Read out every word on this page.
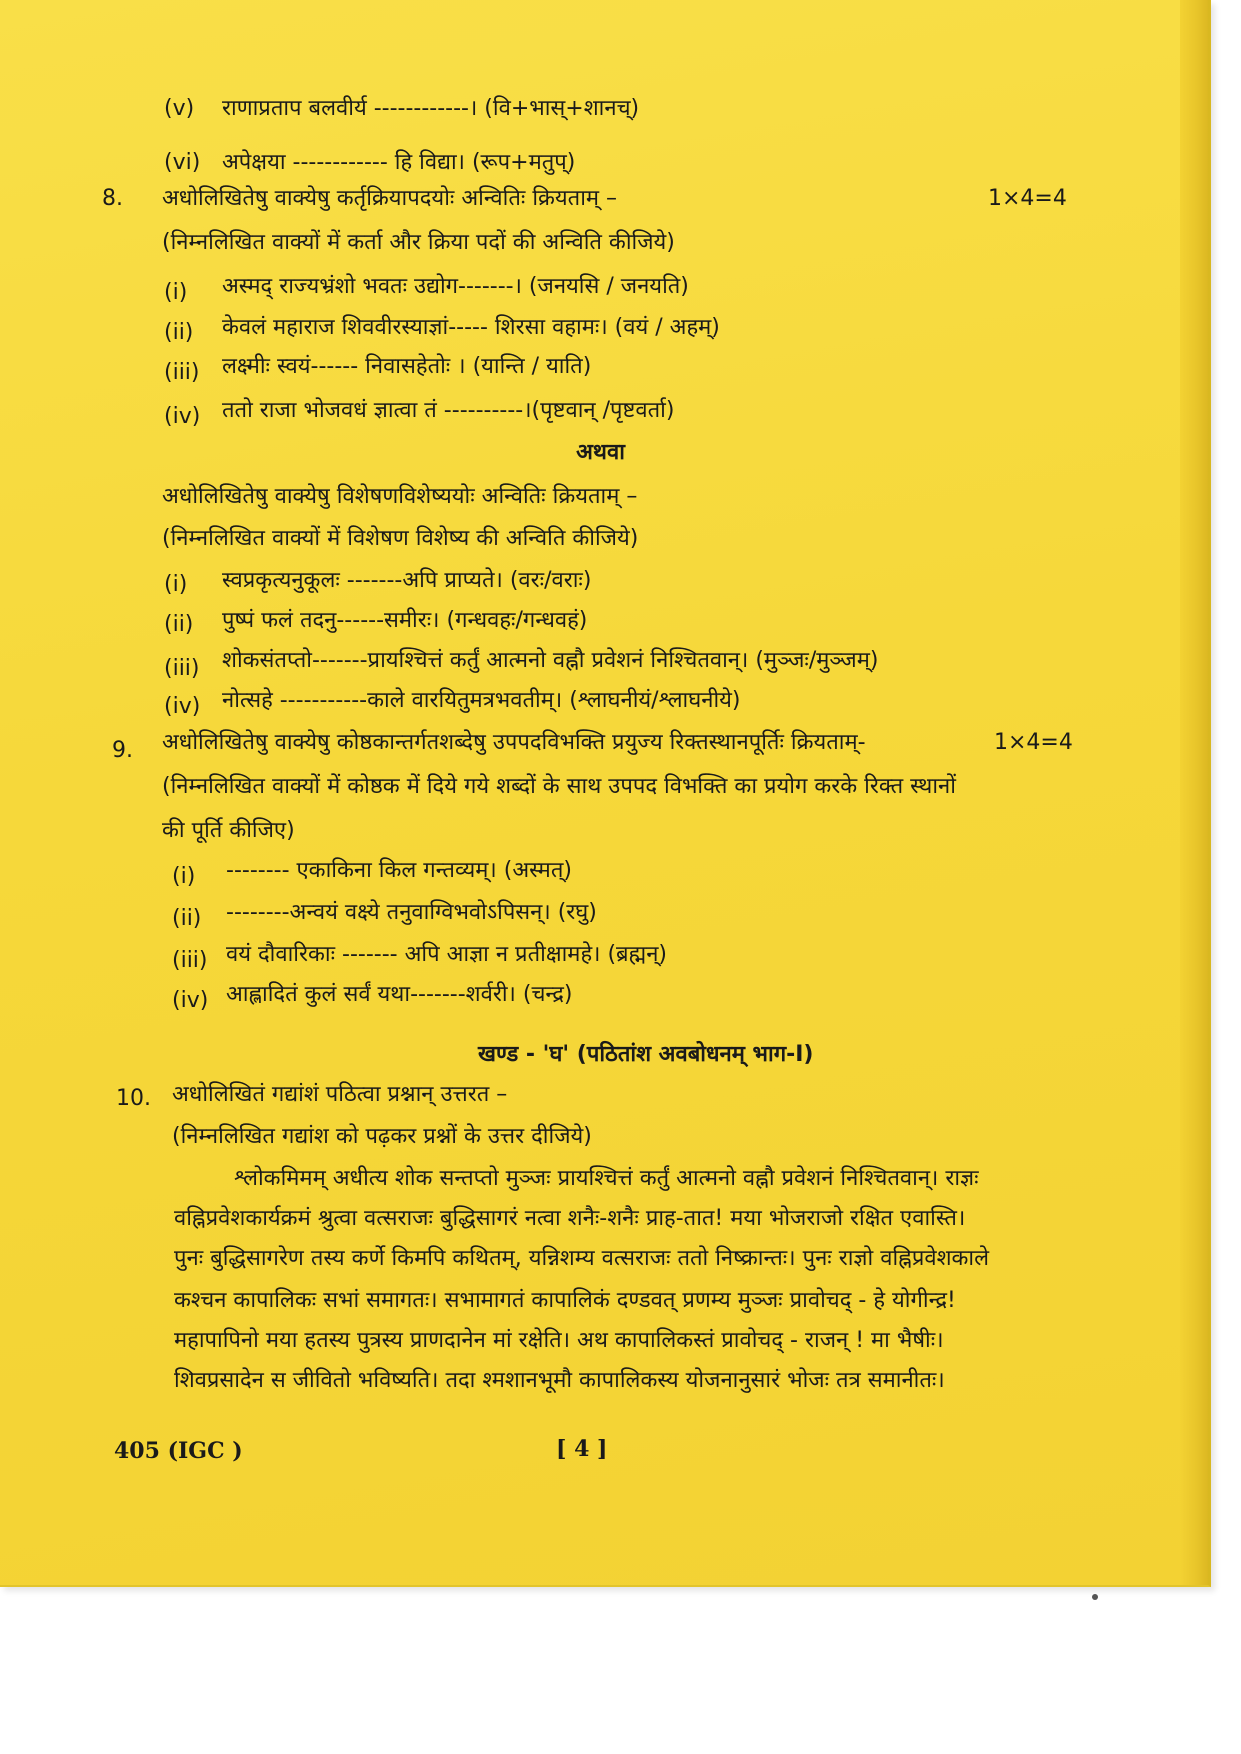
(v) राणाप्रताप बलवीर्य ------------। (वि+भास्+शानच्)
(vi) अपेक्षया ------------ हि विद्या। (रूप+मतुप्)
8. अधोलिखितेषु वाक्येषु कर्तृक्रियापदयोः अन्वितिः क्रियताम् –	1×4=4
(निम्नलिखित वाक्यों में कर्ता और क्रिया पदों की अन्विति कीजिये)
(i) अस्मद् राज्यभ्रंशो भवतः उद्योग-------। (जनयसि / जनयति)
(ii) केवलं महाराज शिववीरस्याज्ञां----- शिरसा वहामः। (वयं / अहम्)
(iii) लक्ष्मीः स्वयं------ निवासहेतोः । (यान्ति / याति)
(iv) ततो राजा भोजवधं ज्ञात्वा तं ----------।(पृष्टवान् /पृष्टवर्ता)
अथवा
अधोलिखितेषु वाक्येषु विशेषणविशेष्ययोः अन्वितिः क्रियताम् –
(निम्नलिखित वाक्यों में विशेषण विशेष्य की अन्विति कीजिये)
(i) स्वप्रकृत्यनुकूलः -------अपि प्राप्यते। (वरः/वराः)
(ii) पुष्पं फलं तदनु------समीरः। (गन्धवहः/गन्धवहं)
(iii) शोकसंतप्तो-------प्रायश्चित्तं कर्तुं आत्मनो वह्नौ प्रवेशनं निश्चितवान्। (मुञ्जः/मुञ्जम्)
(iv) नोत्सहे -----------काले वारयितुमत्रभवतीम्। (श्लाघनीयं/श्लाघनीये)
9. अधोलिखितेषु वाक्येषु कोष्ठकान्तर्गतशब्देषु उपपदविभक्ति प्रयुज्य रिक्तस्थानपूर्तिः क्रियताम्-	1×4=4
(निम्नलिखित वाक्यों में कोष्ठक में दिये गये शब्दों के साथ उपपद विभक्ति का प्रयोग करके रिक्त स्थानों
की पूर्ति कीजिए)
(i) -------- एकाकिना किल गन्तव्यम्। (अस्मत्)
(ii) --------अन्वयं वक्ष्ये तनुवाग्विभवोऽपिसन्। (रघु)
(iii) वयं दौवारिकाः ------- अपि आज्ञा न प्रतीक्षामहे। (ब्रह्मन्)
(iv) आह्लादितं कुलं सर्वं यथा-------शर्वरी। (चन्द्र)
खण्ड - 'घ' (पठितांश अवबोधनम् भाग-I)
10. अधोलिखितं गद्यांशं पठित्वा प्रश्नान् उत्तरत –
(निम्नलिखित गद्यांश को पढ़कर प्रश्नों के उत्तर दीजिये)
श्लोकमिमम् अधीत्य शोक सन्तप्तो मुञ्जः प्रायश्चित्तं कर्तुं आत्मनो वह्नौ प्रवेशनं निश्चितवान्। राज्ञः
वह्निप्रवेशकार्यक्रमं श्रुत्वा वत्सराजः बुद्धिसागरं नत्वा शनैः-शनैः प्राह-तात! मया भोजराजो रक्षित एवास्ति।
पुनः बुद्धिसागरेण तस्य कर्णे किमपि कथितम्, यन्निशम्य वत्सराजः ततो निष्क्रान्तः। पुनः राज्ञो वह्निप्रवेशकाले
कश्चन कापालिकः सभां समागतः। सभामागतं कापालिकं दण्डवत् प्रणम्य मुञ्जः प्रावोचद् - हे योगीन्द्र!
महापापिनो मया हतस्य पुत्रस्य प्राणदानेन मां रक्षेति। अथ कापालिकस्तं प्रावोचद् - राजन् ! मा भैषीः।
शिवप्रसादेन स जीवितो भविष्यति। तदा श्मशानभूमौ कापालिकस्य योजनानुसारं भोजः तत्र समानीतः।
405 (IGC )	[ 4 ]
